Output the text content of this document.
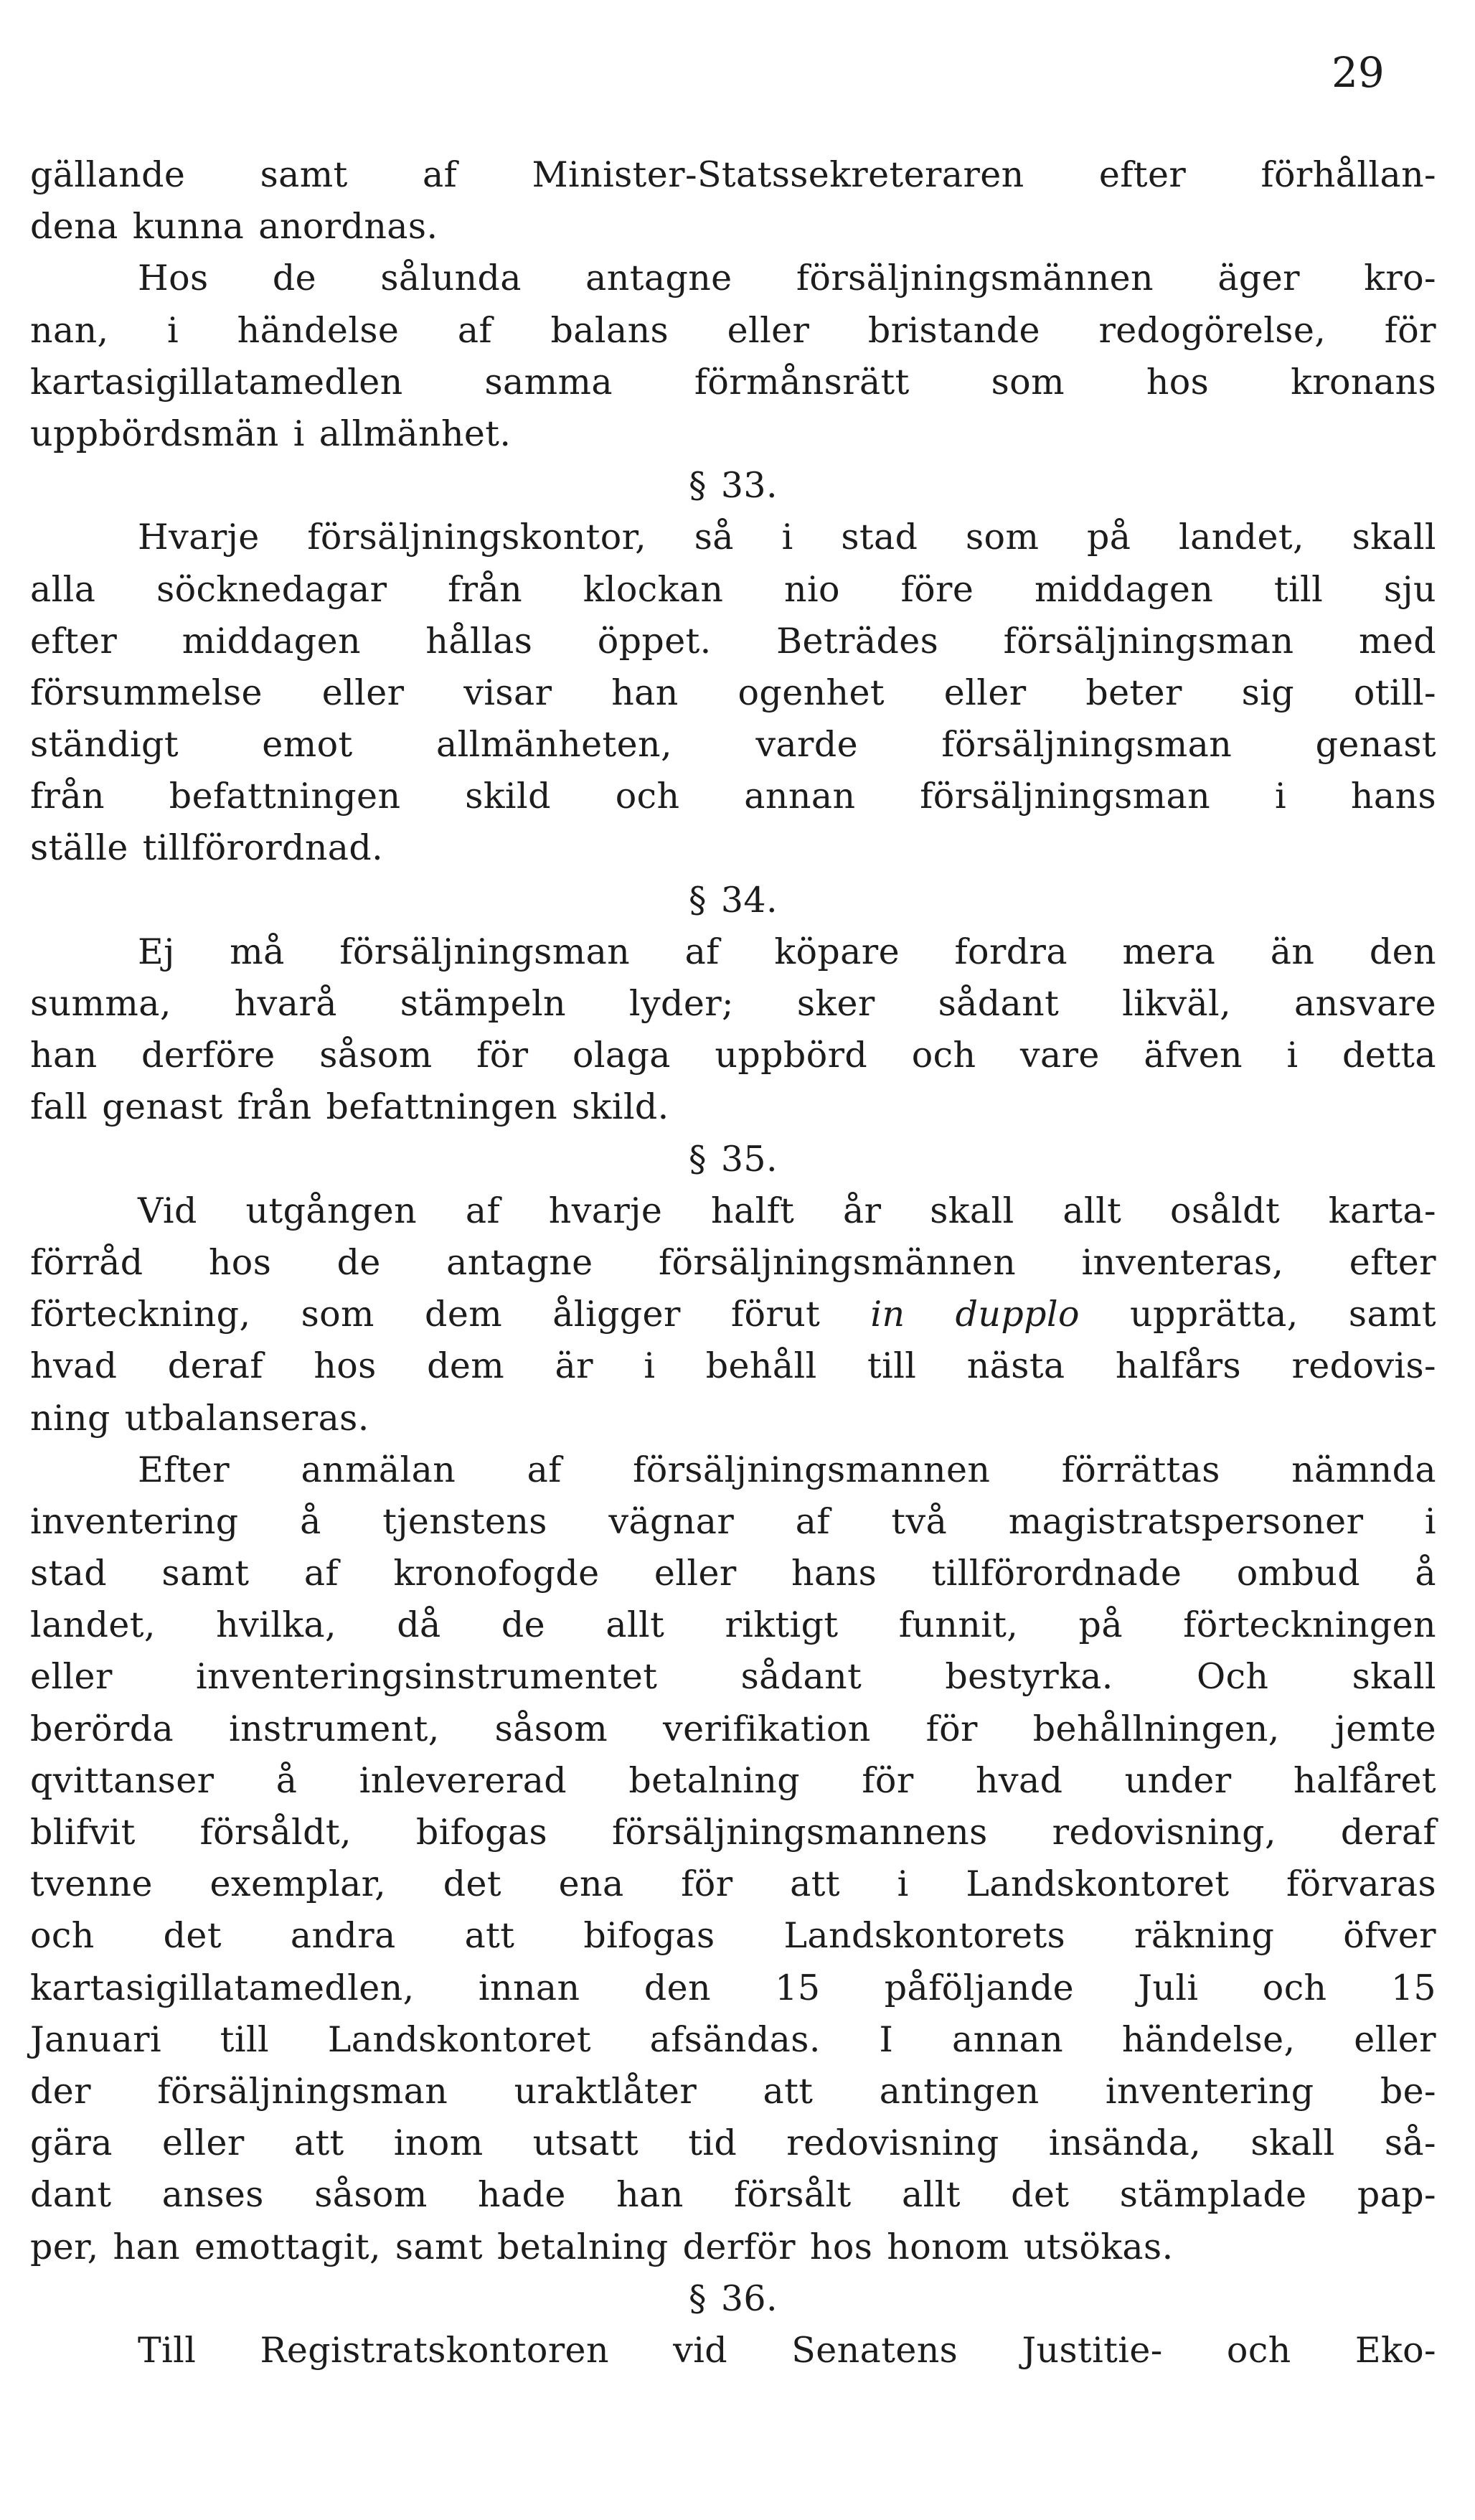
29
gällande samt af Minister-Statssekreteraren efter förhållan-
dena kunna anordnas.
Hos de sålunda antagne försäljningsmännen äger kro-
nan, i händelse af balans eller bristande redogörelse, för
kartasigillatamedlen samma förmånsrätt som hos kronans
uppbördsmän i allmänhet.
§ 33.
Hvarje försäljningskontor, så i stad som på landet, skall
alla söcknedagar från klockan nio före middagen till sju
efter middagen hållas öppet. Beträdes försäljningsman med
försummelse eller visar han ogenhet eller beter sig otill-
ständigt emot allmänheten, varde försäljningsman genast
från befattningen skild och annan försäljningsman i hans
ställe tillförordnad.
§ 34.
Ej må försäljningsman af köpare fordra mera än den
summa, hvarå stämpeln lyder; sker sådant likväl, ansvare
han derföre såsom för olaga uppbörd och vare äfven i detta
fall genast från befattningen skild.
§ 35.
Vid utgången af hvarje halft år skall allt osåldt karta-
förråd hos de antagne försäljningsmännen inventeras, efter
förteckning, som dem åligger förut in dupplo upprätta, samt
hvad deraf hos dem är i behåll till nästa halfårs redovis-
ning utbalanseras.
Efter anmälan af försäljningsmannen förrättas nämnda
inventering å tjenstens vägnar af två magistratspersoner i
stad samt af kronofogde eller hans tillförordnade ombud å
landet, hvilka, då de allt riktigt funnit, på förteckningen
eller inventeringsinstrumentet sådant bestyrka. Och skall
berörda instrument, såsom verifikation för behållningen, jemte
qvittanser å inlevererad betalning för hvad under halfåret
blifvit försåldt, bifogas försäljningsmannens redovisning, deraf
tvenne exemplar, det ena för att i Landskontoret förvaras
och det andra att bifogas Landskontorets räkning öfver
kartasigillatamedlen, innan den 15 påföljande Juli och 15
Januari till Landskontoret afsändas. I annan händelse, eller
der försäljningsman uraktlåter att antingen inventering be-
gära eller att inom utsatt tid redovisning insända, skall så-
dant anses såsom hade han försålt allt det stämplade pap-
per, han emottagit, samt betalning derför hos honom utsökas.
§ 36.
Till Registratskontoren vid Senatens Justitie- och Eko-
